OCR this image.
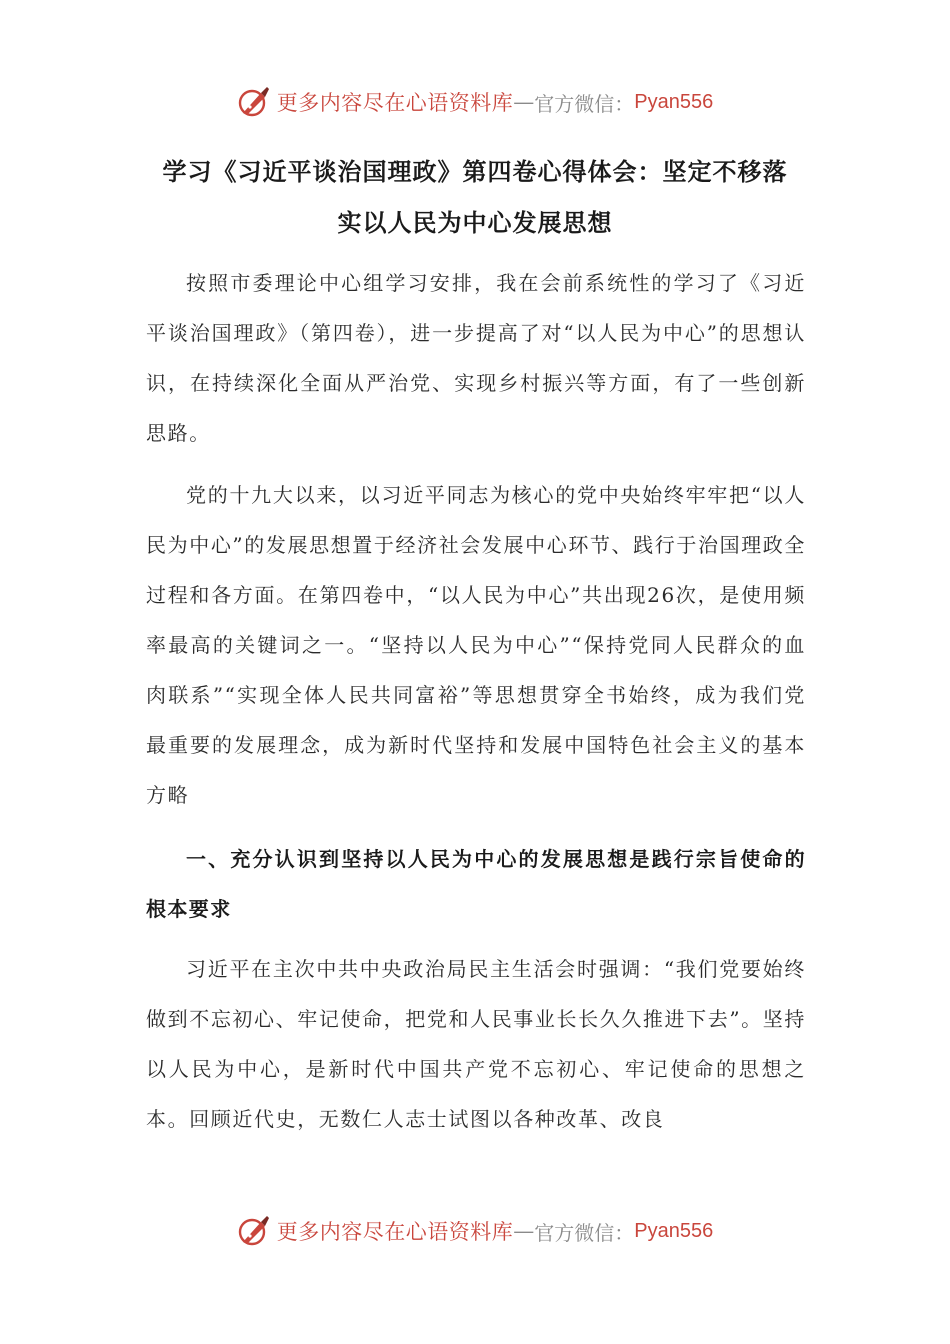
更多内容尽在心语资料库 — 官方微信： Pyan556
学习《习近平谈治国理政》第四卷心得体会：坚定不移落
实以人民为中心发展思想

按照市委理论中心组学习安排，我在会前系统性的学习了《习近平谈治国理政》（第四卷），进一步提高了对“以人民为中心”的思想认识，在持续深化全面从严治党、实现乡村振兴等方面，有了一些创新思路。

党的十九大以来，以习近平同志为核心的党中央始终牢牢把“以人民为中心”的发展思想置于经济社会发展中心环节、践行于治国理政全过程和各方面。在第四卷中，“以人民为中心”共出现26次，是使用频率最高的关键词之一。“坚持以人民为中心”“保持党同人民群众的血肉联系”“实现全体人民共同富裕”等思想贯穿全书始终，成为我们党最重要的发展理念，成为新时代坚持和发展中国特色社会主义的基本方略

一、充分认识到坚持以人民为中心的发展思想是践行宗旨使命的根本要求

习近平在主次中共中央政治局民主生活会时强调：“我们党要始终做到不忘初心、牢记使命，把党和人民事业长长久久推进下去”。坚持以人民为中心，是新时代中国共产党不忘初心、牢记使命的思想之本。回顾近代史，无数仁人志士试图以各种改革、改良

更多内容尽在心语资料库 — 官方微信： Pyan556
